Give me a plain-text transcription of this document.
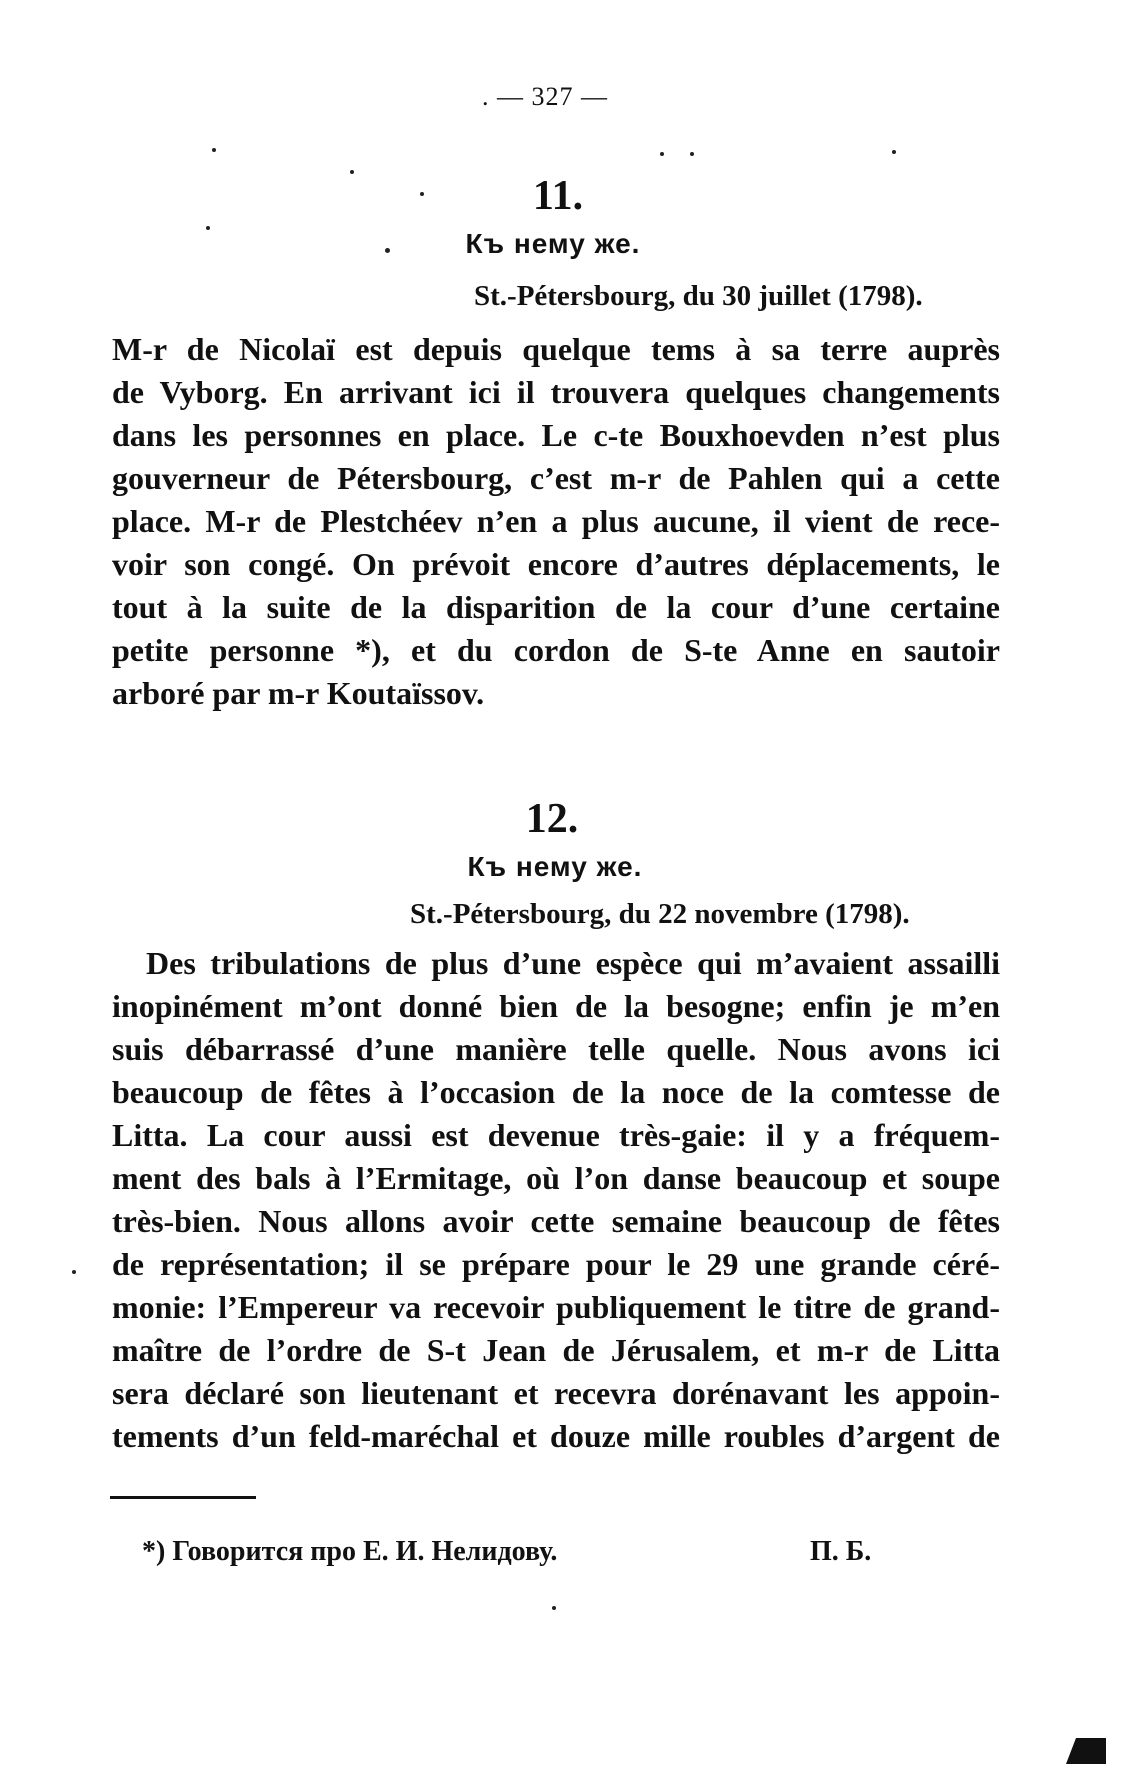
. — 327 —
11.
Къ нему же.
St.-Pétersbourg, du 30 juillet (1798).
M-r de Nicolaï est depuis quelque tems à sa terre auprès
de Vyborg. En arrivant ici il trouvera quelques changements
dans les personnes en place. Le c-te Bouxhoevden n’est plus
gouverneur de Pétersbourg, c’est m-r de Pahlen qui a cette
place. M-r de Plestchéev n’en a plus aucune, il vient de rece-
voir son congé. On prévoit encore d’autres déplacements, le
tout à la suite de la disparition de la cour d’une certaine
petite personne *), et du cordon de S-te Anne en sautoir
arboré par m-r Koutaïssov.
12.
Къ нему же.
St.-Pétersbourg, du 22 novembre (1798).
Des tribulations de plus d’une espèce qui m’avaient assailli
inopinément m’ont donné bien de la besogne; enfin je m’en
suis débarrassé d’une manière telle quelle. Nous avons ici
beaucoup de fêtes à l’occasion de la noce de la comtesse de
Litta. La cour aussi est devenue très-gaie: il y a fréquem-
ment des bals à l’Ermitage, où l’on danse beaucoup et soupe
très-bien. Nous allons avoir cette semaine beaucoup de fêtes
de représentation; il se prépare pour le 29 une grande céré-
monie: l’Empereur va recevoir publiquement le titre de grand-
maître de l’ordre de S-t Jean de Jérusalem, et m-r de Litta
sera déclaré son lieutenant et recevra dorénavant les appoin-
tements d’un feld-maréchal et douze mille roubles d’argent de
*) Говорится про Е. И. Нелидову.	П. Б.
